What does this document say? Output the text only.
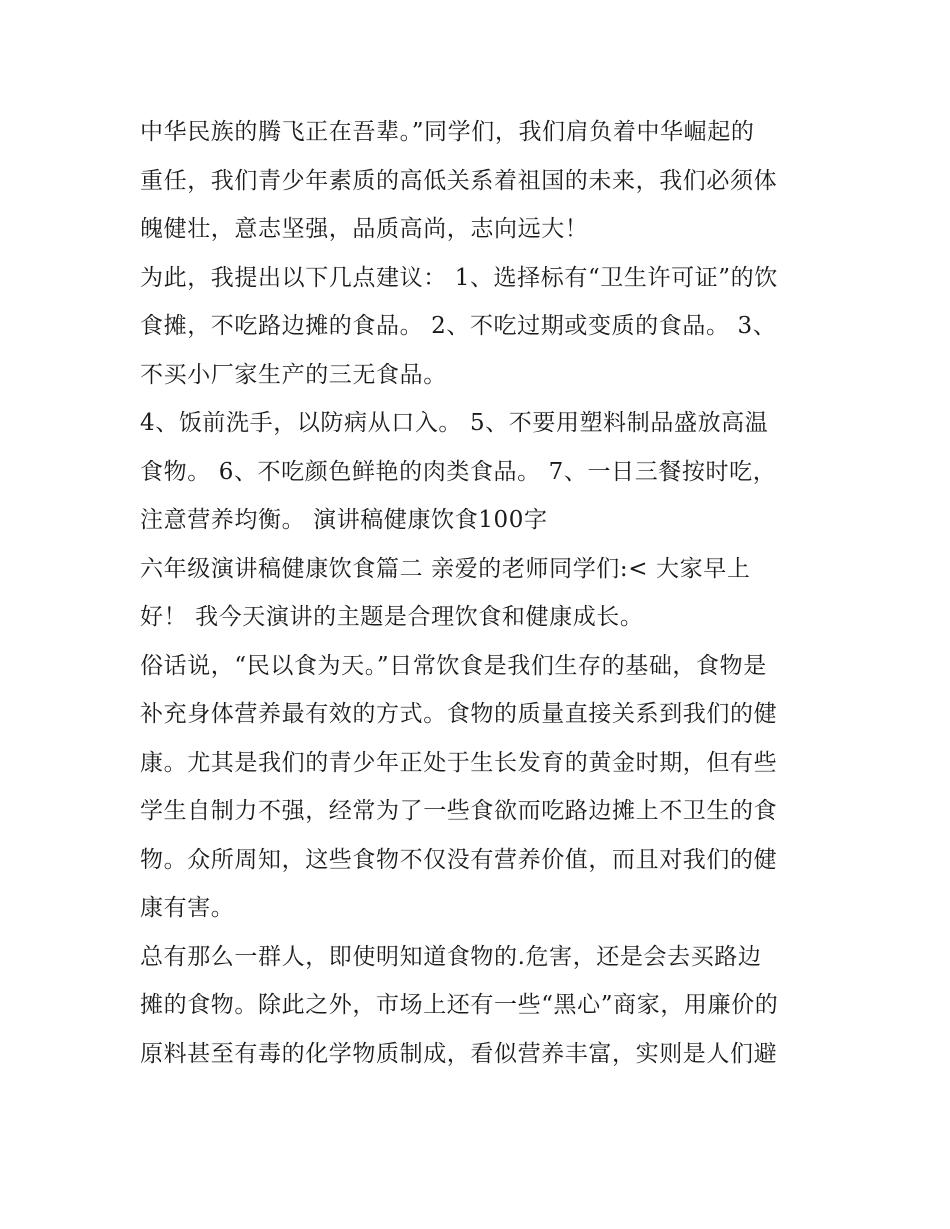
中华民族的腾飞正在吾辈。”同学们，我们肩负着中华崛起的
重任，我们青少年素质的高低关系着祖国的未来，我们必须体
魄健壮，意志坚强，品质高尚，志向远大！
为此，我提出以下几点建议： 1、选择标有“卫生许可证”的饮
食摊，不吃路边摊的食品。 2、不吃过期或变质的食品。 3、
不买小厂家生产的三无食品。
4、饭前洗手，以防病从口入。 5、不要用塑料制品盛放高温
食物。 6、不吃颜色鲜艳的肉类食品。 7、一日三餐按时吃，
注意营养均衡。 演讲稿健康饮食100字
六年级演讲稿健康饮食篇二 亲爱的老师同学们:< 大家早上
好！ 我今天演讲的主题是合理饮食和健康成长。
俗话说，“民以食为天。”日常饮食是我们生存的基础，食物是
补充身体营养最有效的方式。食物的质量直接关系到我们的健
康。尤其是我们的青少年正处于生长发育的黄金时期，但有些
学生自制力不强，经常为了一些食欲而吃路边摊上不卫生的食
物。众所周知，这些食物不仅没有营养价值，而且对我们的健
康有害。
总有那么一群人，即使明知道食物的.危害，还是会去买路边
摊的食物。除此之外，市场上还有一些“黑心”商家，用廉价的
原料甚至有毒的化学物质制成，看似营养丰富，实则是人们避
